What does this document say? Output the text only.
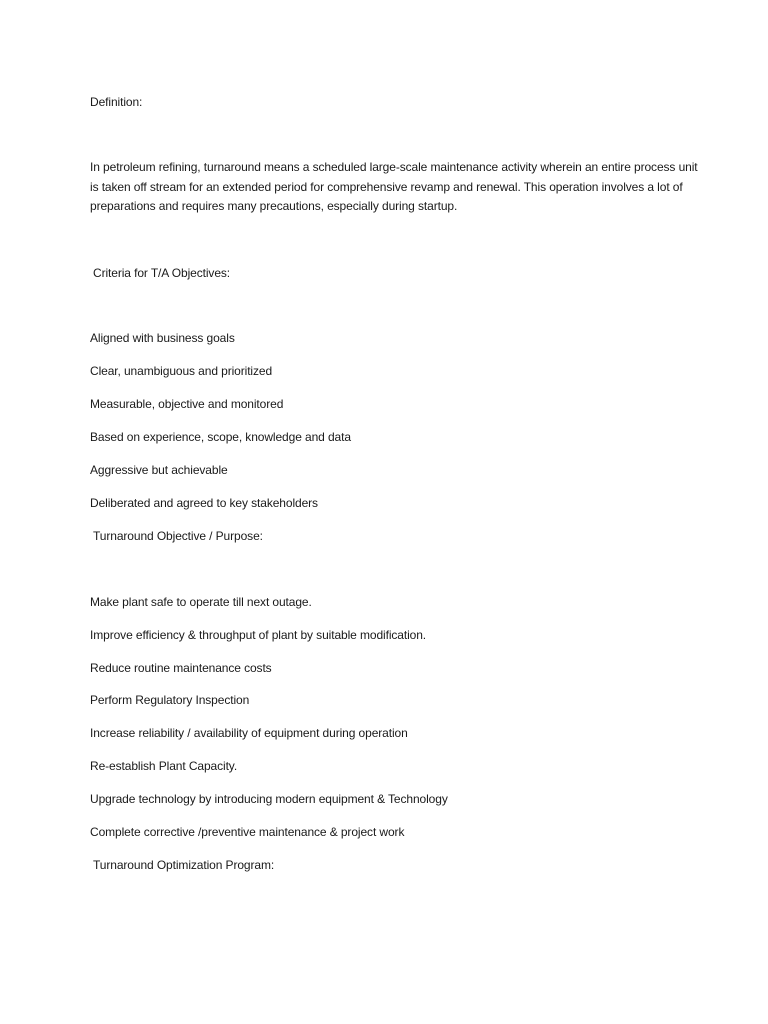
Definition:
In petroleum refining, turnaround means a scheduled large-scale maintenance activity wherein an entire process unit is taken off stream for an extended period for comprehensive revamp and renewal. This operation involves a lot of preparations and requires many precautions, especially during startup.
Criteria for T/A Objectives:
Aligned with business goals
Clear, unambiguous and prioritized
Measurable, objective and monitored
Based on experience, scope, knowledge and data
Aggressive but achievable
Deliberated and agreed to key stakeholders
Turnaround Objective / Purpose:
Make plant safe to operate till next outage.
Improve efficiency & throughput of plant by suitable modification.
Reduce routine maintenance costs
Perform Regulatory Inspection
Increase reliability / availability of equipment during operation
Re-establish Plant Capacity.
Upgrade technology by introducing modern equipment & Technology
Complete corrective /preventive maintenance & project work
Turnaround Optimization Program:
